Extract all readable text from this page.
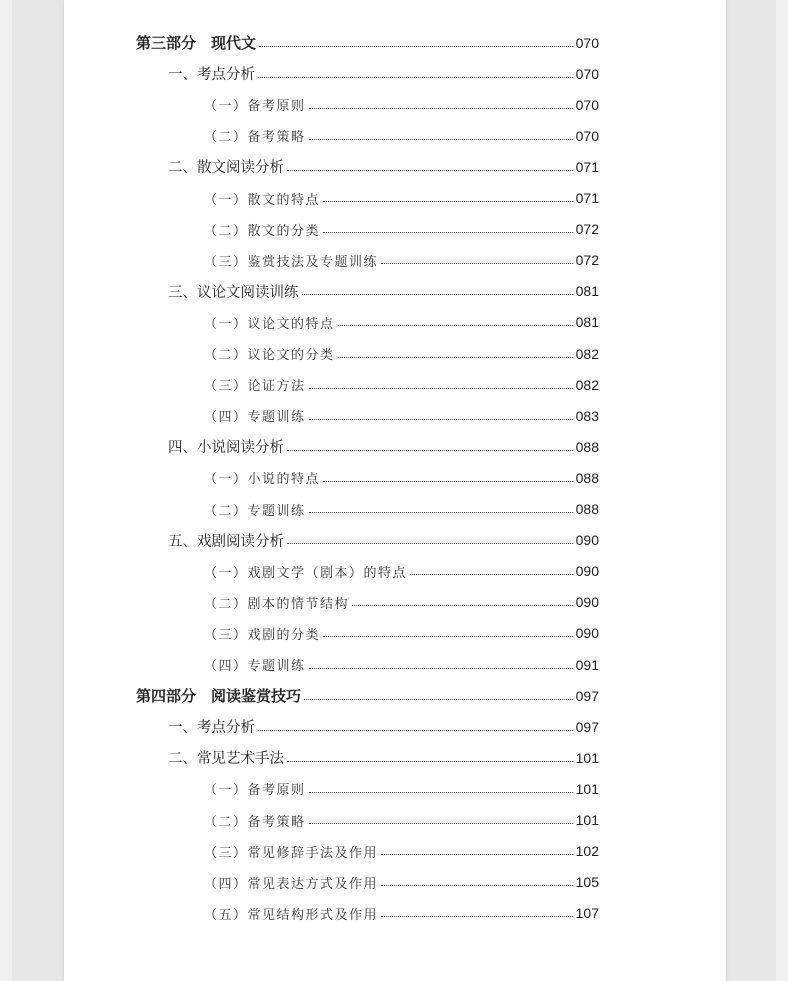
第三部分　现代文	070
一、考点分析	070
（一）备考原则	070
（二）备考策略	070
二、散文阅读分析	071
（一）散文的特点	071
（二）散文的分类	072
（三）鉴赏技法及专题训练	072
三、议论文阅读训练	081
（一）议论文的特点	081
（二）议论文的分类	082
（三）论证方法	082
（四）专题训练	083
四、小说阅读分析	088
（一）小说的特点	088
（二）专题训练	088
五、戏剧阅读分析	090
（一）戏剧文学（剧本）的特点	090
（二）剧本的情节结构	090
（三）戏剧的分类	090
（四）专题训练	091
第四部分　阅读鉴赏技巧	097
一、考点分析	097
二、常见艺术手法	101
（一）备考原则	101
（二）备考策略	101
（三）常见修辞手法及作用	102
（四）常见表达方式及作用	105
（五）常见结构形式及作用	107
